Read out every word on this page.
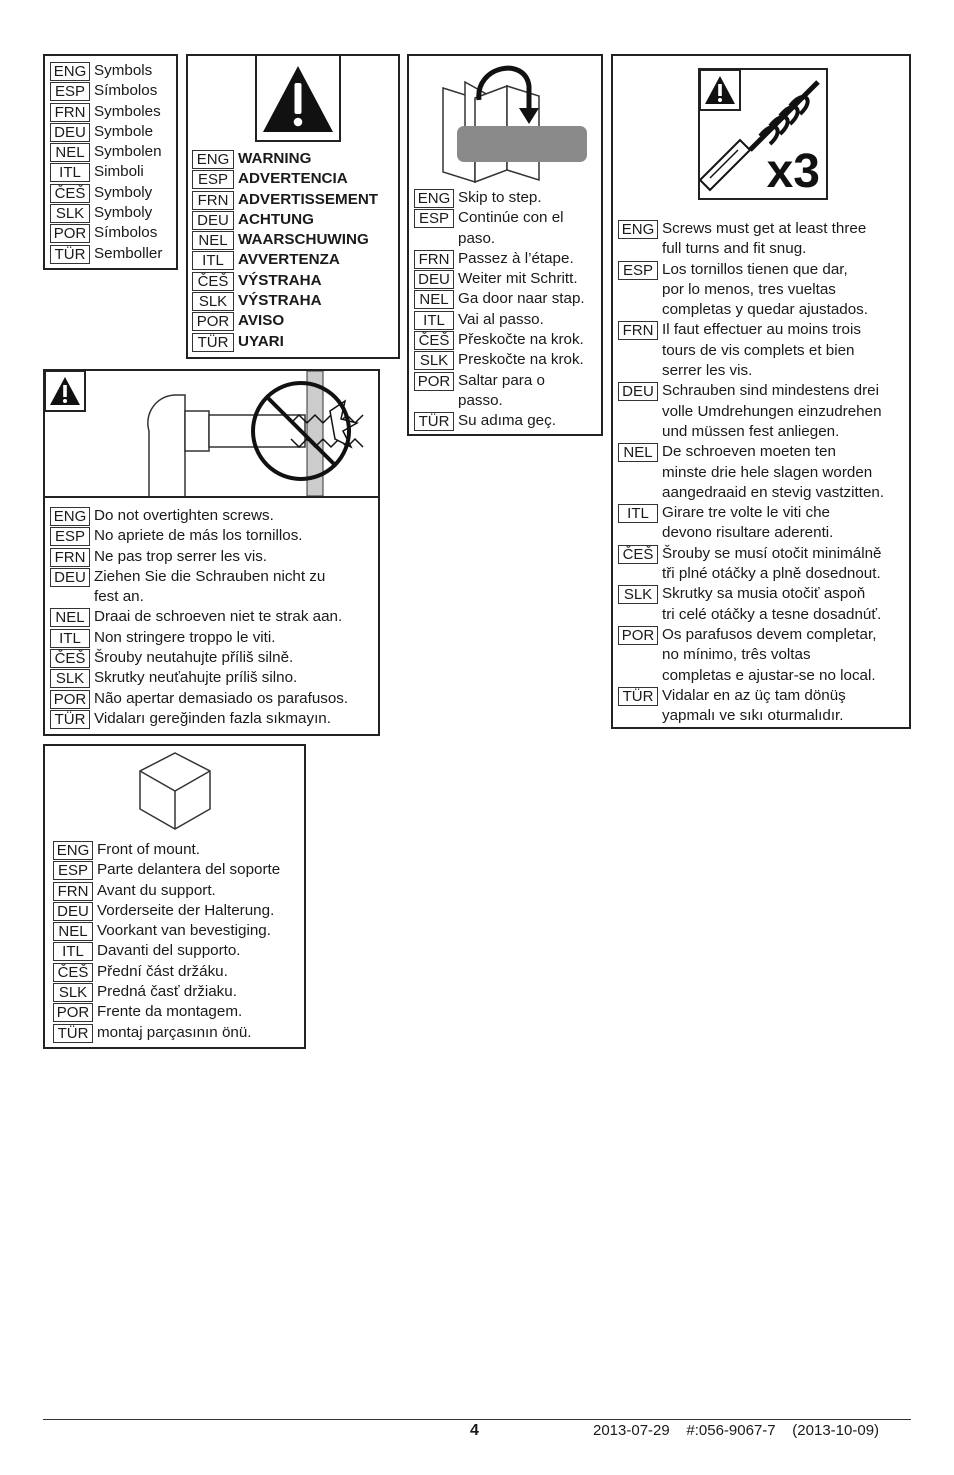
ENG Symbols
ESP Símbolos
FRN Symboles
DEU Symbole
NEL Symbolen
ITL Simboli
ČEŠ Symboly
SLK Symboly
POR Símbolos
TÜR Semboller
ENG WARNING
ESP ADVERTENCIA
FRN ADVERTISSEMENT
DEU ACHTUNG
NEL WAARSCHUWING
ITL AVVERTENZA
ČEŠ VÝSTRAHA
SLK VÝSTRAHA
POR AVISO
TÜR UYARI
ENG Skip to step.
ESP Continúe con el
paso.
FRN Passez à l’étape.
DEU Weiter mit Schritt.
NEL Ga door naar stap.
ITL Vai al passo.
ČEŠ Přeskočte na krok.
SLK Preskočte na krok.
POR Saltar para o
passo.
TÜR Su adıma geç.
x3
ENG Screws must get at least three
full turns and fit snug.
ESP Los tornillos tienen que dar,
por lo menos, tres vueltas
completas y quedar ajustados.
FRN Il faut effectuer au moins trois
tours de vis complets et bien
serrer les vis.
DEU Schrauben sind mindestens drei
volle Umdrehungen einzudrehen
und müssen fest anliegen.
NEL De schroeven moeten ten
minste drie hele slagen worden
aangedraaid en stevig vastzitten.
ITL Girare tre volte le viti che
devono risultare aderenti.
ČEŠ Šrouby se musí otočit minimálně
tři plné otáčky a plně dosednout.
SLK Skrutky sa musia otočiť aspoň
tri celé otáčky a tesne dosadnúť.
POR Os parafusos devem completar,
no mínimo, três voltas
completas e ajustar-se no local.
TÜR Vidalar en az üç tam dönüş
yapmalı ve sıkı oturmalıdır.
ENG Do not overtighten screws.
ESP No apriete de más los tornillos.
FRN Ne pas trop serrer les vis.
DEU Ziehen Sie die Schrauben nicht zu
fest an.
NEL Draai de schroeven niet te strak aan.
ITL Non stringere troppo le viti.
ČEŠ Šrouby neutahujte příliš silně.
SLK Skrutky neuťahujte príliš silno.
POR Não apertar demasiado os parafusos.
TÜR Vidaları gereğinden fazla sıkmayın.
ENG Front of mount.
ESP Parte delantera del soporte
FRN Avant du support.
DEU Vorderseite der Halterung.
NEL Voorkant van bevestiging.
ITL Davanti del supporto.
ČEŠ Přední část držáku.
SLK Predná časť držiaku.
POR Frente da montagem.
TÜR montaj parçasının önü.
4	2013-07-29    #:056-9067-7    (2013-10-09)
